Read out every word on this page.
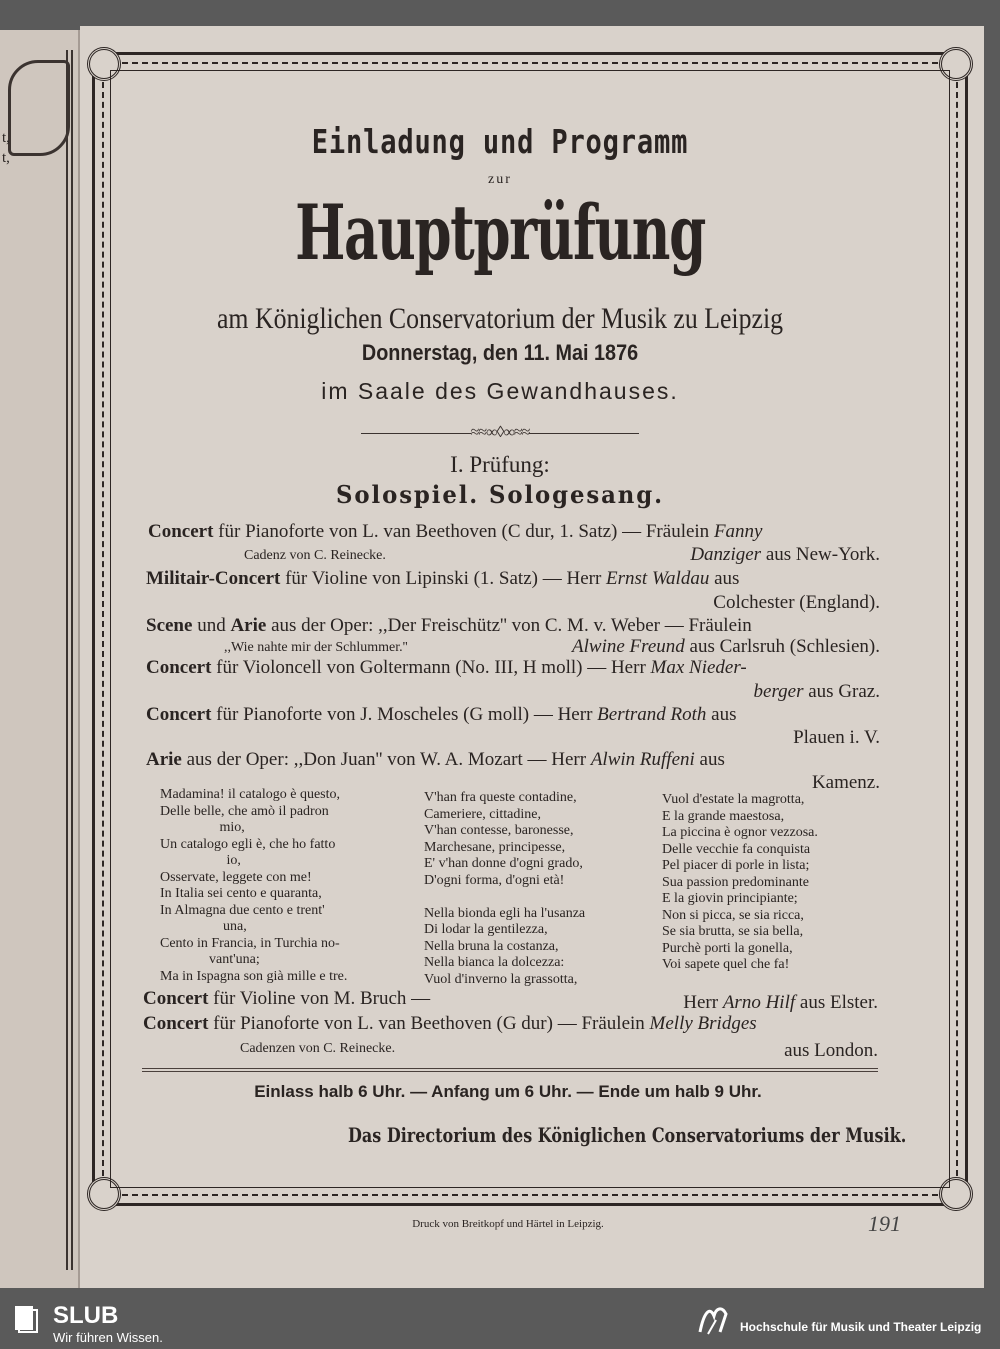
t,
t,	Einladung und Programm
zur
Hauptprüfung
am Königlichen Conservatorium der Musik zu Leipzig
Donnerstag, den 11. Mai 1876
im Saale des Gewandhauses.
≈≈∞◊∞≈≈
I. Prüfung:
Solospiel. Sologesang.
Concert für Pianoforte von L. van Beethoven (C dur, 1. Satz) — Fräulein Fanny
Cadenz von C. Reinecke.	Danziger aus New-York.
Militair-Concert für Violine von Lipinski (1. Satz) — Herr Ernst Waldau aus
Colchester (England).
Scene und Arie aus der Oper: ,,Der Freischütz'' von C. M. v. Weber — Fräulein
,,Wie nahte mir der Schlummer.''	Alwine Freund aus Carlsruh (Schlesien).
Concert für Violoncell von Goltermann (No. III, H moll) — Herr Max Nieder-
berger aus Graz.
Concert für Pianoforte von J. Moscheles (G moll) — Herr Bertrand Roth aus
Plauen i. V.
Arie aus der Oper: ,,Don Juan'' von W. A. Mozart — Herr Alwin Ruffeni aus
Kamenz.
Madamina! il catalogo è questo,
Delle belle, che amò il padron
mio,
Un catalogo egli è, che ho fatto
io,
Osservate, leggete con me!
In Italia sei cento e quaranta,
In Almagna due cento e trent'
una,
Cento in Francia, in Turchia no-
vant'una;
Ma in Ispagna son già mille e tre.
V'han fra queste contadine,
Cameriere, cittadine,
V'han contesse, baronesse,
Marchesane, principesse,
E' v'han donne d'ogni grado,
D'ogni forma, d'ogni età!

Nella bionda egli ha l'usanza
Di lodar la gentilezza,
Nella bruna la costanza,
Nella bianca la dolcezza:
Vuol d'inverno la grassotta,
Vuol d'estate la magrotta,
E la grande maestosa,
La piccina è ognor vezzosa.
Delle vecchie fa conquista
Pel piacer di porle in lista;
Sua passion predominante
E la giovin principiante;
Non si picca, se sia ricca,
Se sia brutta, se sia bella,
Purchè porti la gonella,
Voi sapete quel che fa!
Concert für Violine von M. Bruch —	Herr Arno Hilf aus Elster.
Concert für Pianoforte von L. van Beethoven (G dur) — Fräulein Melly Bridges
Cadenzen von C. Reinecke.	aus London.
Einlass halb 6 Uhr. — Anfang um 6 Uhr. — Ende um halb 9 Uhr.
Das Directorium des Königlichen Conservatoriums der Musik.
Druck von Breitkopf und Härtel in Leipzig.	191
SLUB
Wir führen Wissen.
Hochschule für Musik und Theater Leipzig
